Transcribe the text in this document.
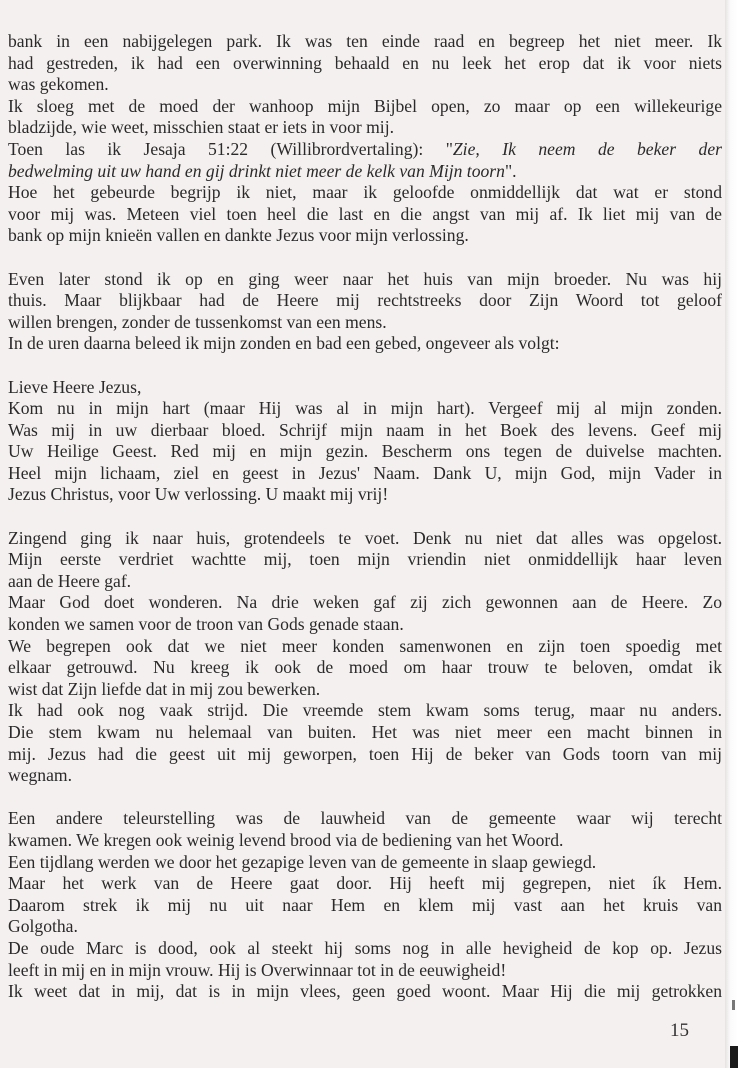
bank in een nabijgelegen park. Ik was ten einde raad en begreep het niet meer. Ik
had gestreden, ik had een overwinning behaald en nu leek het erop dat ik voor niets
was gekomen.
Ik sloeg met de moed der wanhoop mijn Bijbel open, zo maar op een willekeurige
bladzijde, wie weet, misschien staat er iets in voor mij.
Toen las ik Jesaja 51:22 (Willibrordvertaling): "Zie, Ik neem de beker der
bedwelming uit uw hand en gij drinkt niet meer de kelk van Mijn toorn".
Hoe het gebeurde begrijp ik niet, maar ik geloofde onmiddellijk dat wat er stond
voor mij was. Meteen viel toen heel die last en die angst van mij af. Ik liet mij van de
bank op mijn knieën vallen en dankte Jezus voor mijn verlossing.
Even later stond ik op en ging weer naar het huis van mijn broeder. Nu was hij
thuis. Maar blijkbaar had de Heere mij rechtstreeks door Zijn Woord tot geloof
willen brengen, zonder de tussenkomst van een mens.
In de uren daarna beleed ik mijn zonden en bad een gebed, ongeveer als volgt:
Lieve Heere Jezus,
Kom nu in mijn hart (maar Hij was al in mijn hart). Vergeef mij al mijn zonden.
Was mij in uw dierbaar bloed. Schrijf mijn naam in het Boek des levens. Geef mij
Uw Heilige Geest. Red mij en mijn gezin. Bescherm ons tegen de duivelse machten.
Heel mijn lichaam, ziel en geest in Jezus' Naam. Dank U, mijn God, mijn Vader in
Jezus Christus, voor Uw verlossing. U maakt mij vrij!
Zingend ging ik naar huis, grotendeels te voet. Denk nu niet dat alles was opgelost.
Mijn eerste verdriet wachtte mij, toen mijn vriendin niet onmiddellijk haar leven
aan de Heere gaf.
Maar God doet wonderen. Na drie weken gaf zij zich gewonnen aan de Heere. Zo
konden we samen voor de troon van Gods genade staan.
We begrepen ook dat we niet meer konden samenwonen en zijn toen spoedig met
elkaar getrouwd. Nu kreeg ik ook de moed om haar trouw te beloven, omdat ik
wist dat Zijn liefde dat in mij zou bewerken.
Ik had ook nog vaak strijd. Die vreemde stem kwam soms terug, maar nu anders.
Die stem kwam nu helemaal van buiten. Het was niet meer een macht binnen in
mij. Jezus had die geest uit mij geworpen, toen Hij de beker van Gods toorn van mij
wegnam.
Een andere teleurstelling was de lauwheid van de gemeente waar wij terecht
kwamen. We kregen ook weinig levend brood via de bediening van het Woord.
Een tijdlang werden we door het gezapige leven van de gemeente in slaap gewiegd.
Maar het werk van de Heere gaat door. Hij heeft mij gegrepen, niet ík Hem.
Daarom strek ik mij nu uit naar Hem en klem mij vast aan het kruis van
Golgotha.
De oude Marc is dood, ook al steekt hij soms nog in alle hevigheid de kop op. Jezus
leeft in mij en in mijn vrouw. Hij is Overwinnaar tot in de eeuwigheid!
Ik weet dat in mij, dat is in mijn vlees, geen goed woont. Maar Hij die mij getrokken
15
